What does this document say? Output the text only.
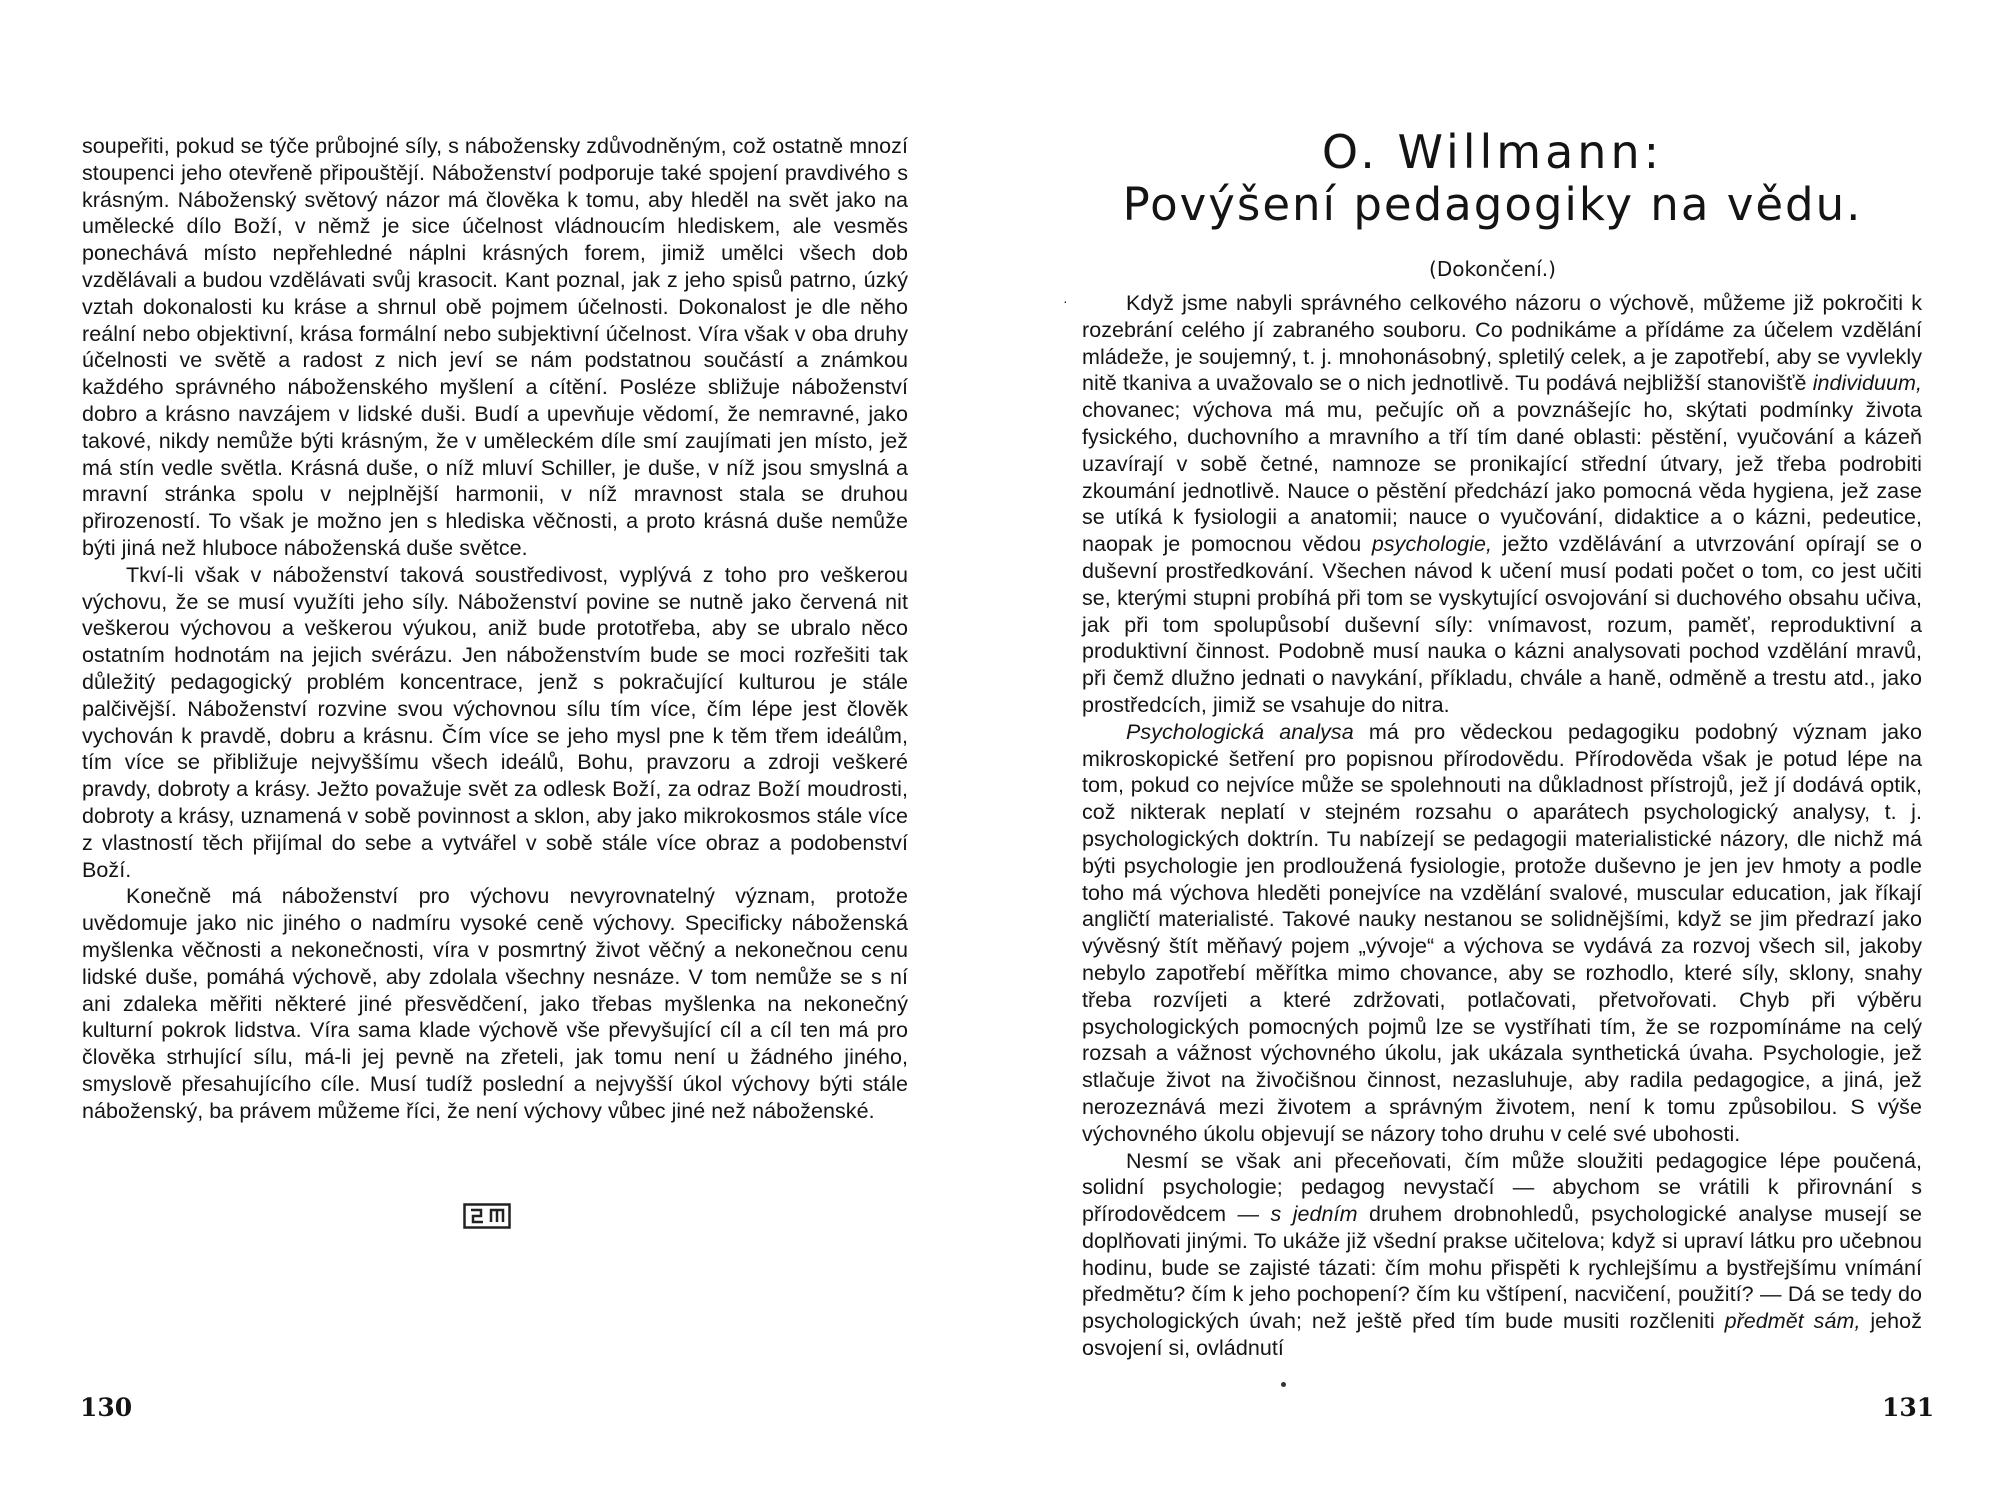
soupeřiti, pokud se týče průbojné síly, s nábožensky zdůvodněným, což ostatně mnozí stoupenci jeho otevřeně připouštějí. Náboženství podporuje také spojení pravdivého s krásným. Náboženský světový názor má člověka k tomu, aby hleděl na svět jako na umělecké dílo Boží, v němž je sice účelnost vládnoucím hlediskem, ale vesměs ponechává místo nepřehledné náplni krásných forem, jimiž umělci všech dob vzdělávali a budou vzdělávati svůj krasocit. Kant poznal, jak z jeho spisů patrno, úzký vztah dokonalosti ku kráse a shrnul obě pojmem účelnosti. Dokonalost je dle něho reální nebo objektivní, krása formální nebo subjektivní účelnost. Víra však v oba druhy účelnosti ve světě a radost z nich jeví se nám podstatnou součástí a známkou každého správného náboženského myšlení a cítění. Posléze sbližuje náboženství dobro a krásno navzájem v lidské duši. Budí a upevňuje vědomí, že nemravné, jako takové, nikdy nemůže býti krásným, že v uměleckém díle smí zaujímati jen místo, jež má stín vedle světla. Krásná duše, o níž mluví Schiller, je duše, v níž jsou smyslná a mravní stránka spolu v nejplnější harmonii, v níž mravnost stala se druhou přirozeností. To však je možno jen s hlediska věčnosti, a proto krásná duše nemůže býti jiná než hluboce náboženská duše světce.

Tkví-li však v náboženství taková soustředivost, vyplývá z toho pro veškerou výchovu, že se musí využíti jeho síly. Náboženství povine se nutně jako červená nit veškerou výchovou a veškerou výukou, aniž bude prototřeba, aby se ubralo něco ostatním hodnotám na jejich svérázu. Jen náboženstvím bude se moci rozřešiti tak důležitý pedagogický problém koncentrace, jenž s pokračující kulturou je stále palčivější. Náboženství rozvine svou výchovnou sílu tím více, čím lépe jest člověk vychován k pravdě, dobru a krásnu. Čím více se jeho mysl pne k těm třem ideálům, tím více se přibližuje nejvyššímu všech ideálů, Bohu, pravzoru a zdroji veškeré pravdy, dobroty a krásy. Ježto považuje svět za odlesk Boží, za odraz Boží moudrosti, dobroty a krásy, uznamená v sobě povinnost a sklon, aby jako mikrokosmos stále více z vlastností těch přijímal do sebe a vytvářel v sobě stále více obraz a podobenství Boží.

Konečně má náboženství pro výchovu nevyrovnatelný význam, protože uvědomuje jako nic jiného o nadmíru vysoké ceně výchovy. Specificky náboženská myšlenka věčnosti a nekonečnosti, víra v posmrtný život věčný a nekonečnou cenu lidské duše, pomáhá výchově, aby zdolala všechny nesnáze. V tom nemůže se s ní ani zdaleka měřiti některé jiné přesvědčení, jako třebas myšlenka na nekonečný kulturní pokrok lidstva. Víra sama klade výchově vše převyšující cíl a cíl ten má pro člověka strhující sílu, má-li jej pevně na zřeteli, jak tomu není u žádného jiného, smyslově přesahujícího cíle. Musí tudíž poslední a nejvyšší úkol výchovy býti stále náboženský, ba právem můžeme říci, že není výchovy vůbec jiné než náboženské.

130
O. Willmann:
Povýšení pedagogiky na vědu.
(Dokončení.)
·	Když jsme nabyli správného celkového názoru o výchově, můžeme již pokročiti k rozebrání celého jí zabraného souboru. Co podnikáme a přídáme za účelem vzdělání mládeže, je soujemný, t. j. mnohonásobný, spletilý celek, a je zapotřebí, aby se vyvlekly nitě tkaniva a uvažovalo se o nich jednotlivě. Tu podává nejbližší stanovišťě individuum, chovanec; výchova má mu, pečujíc oň a povznášejíc ho, skýtati podmínky života fysického, duchovního a mravního a tří tím dané oblasti: pěstění, vyučování a kázeň uzavírají v sobě četné, namnoze se pronikající střední útvary, jež třeba podrobiti zkoumání jednotlivě. Nauce o pěstění předchází jako pomocná věda hygiena, jež zase se utíká k fysiologii a anatomii; nauce o vyučování, didaktice a o kázni, pedeutice, naopak je pomocnou vědou psychologie, ježto vzdělávání a utvrzování opírají se o duševní prostředkování. Všechen návod k učení musí podati počet o tom, co jest učiti se, kterými stupni probíhá při tom se vyskytující osvojování si duchového obsahu učiva, jak při tom spolupůsobí duševní síly: vnímavost, rozum, paměť, reproduktivní a produktivní činnost. Podobně musí nauka o kázni analysovati pochod vzdělání mravů, při čemž dlužno jednati o navykání, příkladu, chvále a haně, odměně a trestu atd., jako prostředcích, jimiž se vsahuje do nitra.

Psychologická analysa má pro vědeckou pedagogiku podobný význam jako mikroskopické šetření pro popisnou přírodovědu. Přírodověda však je potud lépe na tom, pokud co nejvíce může se spolehnouti na důkladnost přístrojů, jež jí dodává optik, což nikterak neplatí v stejném rozsahu o aparátech psychologický analysy, t. j. psychologických doktrín. Tu nabízejí se pedagogii materialistické názory, dle nichž má býti psychologie jen prodloužená fysiologie, protože duševno je jen jev hmoty a podle toho má výchova hleděti ponejvíce na vzdělání svalové, muscular education, jak říkají angličtí materialisté. Takové nauky nestanou se solidnějšími, když se jim předrazí jako vývěsný štít měňavý pojem „vývoje“ a výchova se vydává za rozvoj všech sil, jakoby nebylo zapotřebí měřítka mimo chovance, aby se rozhodlo, které síly, sklony, snahy třeba rozvíjeti a které zdržovati, potlačovati, přetvořovati. Chyb při výběru psychologických pomocných pojmů lze se vystříhati tím, že se rozpomínáme na celý rozsah a vážnost výchovného úkolu, jak ukázala synthetická úvaha. Psychologie, jež stlačuje život na živočišnou činnost, nezasluhuje, aby radila pedagogice, a jiná, jež nerozeznává mezi životem a správným životem, není k tomu způsobilou. S výše výchovného úkolu objevují se názory toho druhu v celé své ubohosti.

Nesmí se však ani přeceňovati, čím může sloužiti pedagogice lépe poučená, solidní psychologie; pedagog nevystačí — abychom se vrátili k přirovnání s přírodovědcem — s jedním druhem drobnohledů, psychologické analyse musejí se doplňovati jinými. To ukáže již všední prakse učitelova; když si upraví látku pro učebnou hodinu, bude se zajisté tázati: čím mohu přispěti k rychlejšímu a bystřejšímu vnímání předmětu? čím k jeho pochopení? čím ku vštípení, nacvičení, použití? — Dá se tedy do psychologických úvah; než ještě před tím bude musiti rozčleniti předmět sám, jehož osvojení si, ovládnutí

131
